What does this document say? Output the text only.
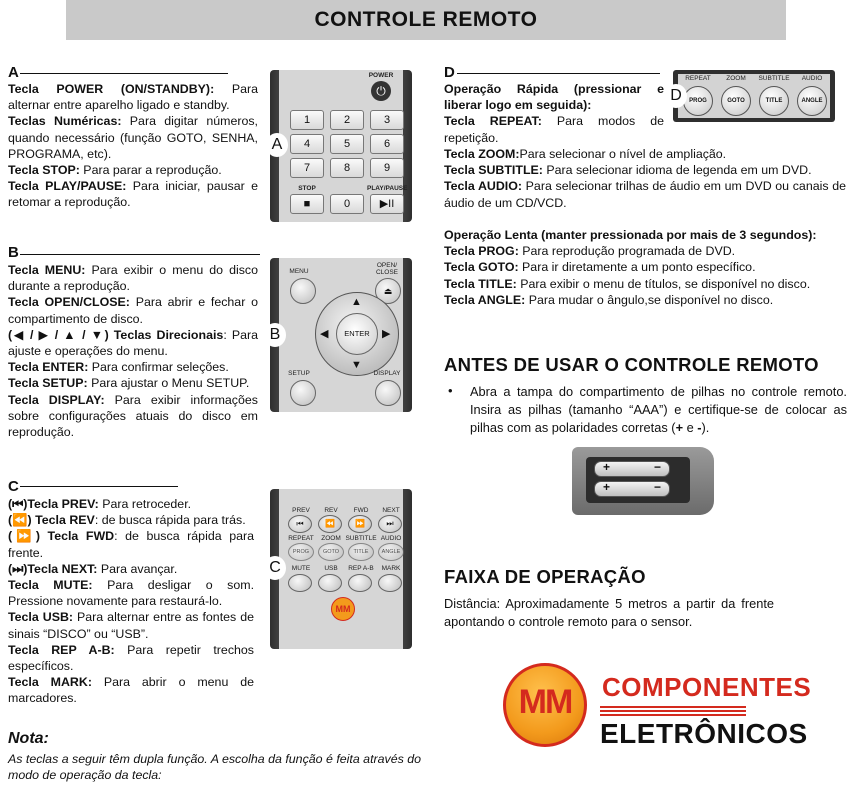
CONTROLE REMOTO
A

Tecla POWER (ON/STANDBY): Para alternar entre aparelho ligado e standby.

Teclas Numéricas: Para digitar números, quando necessário (função GOTO, SENHA, PROGRAMA, etc).

Tecla STOP: Para parar a reprodução.

Tecla PLAY/PAUSE: Para iniciar, pausar e retomar a reprodução.

POWER
⏻
1	2	3
4	5	6
7	8	9
STOP	PLAY/PAUSE
■	0	▶II
A
B

Tecla MENU: Para exibir o menu do disco durante a reprodução.

Tecla OPEN/CLOSE: Para abrir e fechar o compartimento de disco.

(◀ / ▶ / ▲ / ▼) Teclas Direcionais: Para ajuste e operações do menu.

Tecla ENTER: Para confirmar seleções.

Tecla SETUP: Para ajustar o Menu SETUP.

Tecla DISPLAY: Para exibir informações sobre configurações atuais do disco em reprodução.

MENU
OPEN/
CLOSE
⏏
▲
▼
◀	▶
ENTER
SETUP	DISPLAY
B
C

(⏮)Tecla PREV: Para retroceder.

(⏪) Tecla REV: de busca rápida para trás.

(⏩) Tecla FWD: de busca rápida para frente.

(⏭)Tecla NEXT: Para avançar.

Tecla MUTE: Para desligar o som. Pressione novamente para restaurá-lo.

Tecla USB: Para alternar entre as fontes de sinais “DISCO” ou “USB”.

Tecla REP A-B: Para repetir trechos específicos.

Tecla MARK: Para abrir o menu de marcadores.

PREV
⏮
REPEAT
PROG
MUTE
REV
⏪
ZOOM
GOTO
USB
FWD
⏩
SUBTITLE
TITLE
REP A-B
NEXT
⏭
AUDIO
ANGLE
MARK
MM
C
D

Operação Rápida (pressionar e liberar logo em seguida):

Tecla REPEAT: Para modos de repetição.

Tecla ZOOM:Para selecionar o nível de ampliação.

Tecla SUBTITLE: Para selecionar idioma de legenda em um DVD.

Tecla AUDIO: Para selecionar trilhas de áudio em um DVD ou canais de áudio de um CD/VCD.

Operação Lenta (manter pressionada por mais de 3 segundos):

Tecla PROG: Para reprodução programada de DVD.

Tecla GOTO: Para ir diretamente a um ponto específico.

Tecla TITLE: Para exibir o menu de títulos, se disponível no disco.

Tecla ANGLE: Para mudar o ângulo,se disponível no disco.

REPEAT
PROG
ZOOM
GOTO
SUBTITLE
TITLE
AUDIO
ANGLE
D
ANTES DE USAR O CONTROLE REMOTO
• Abra a tampa do compartimento de pilhas no controle remoto. Insira as pilhas (tamanho “AAA”) e certifique-se de colocar as pilhas com as polaridades corretas (+ e -).
+	−
+	−
FAIXA DE OPERAÇÃO
Distância: Aproximadamente 5 metros a partir da frente apontando o controle remoto para o sensor.
MM	COMPONENTES
ELETRÔNICOS
Nota:
As teclas a seguir têm dupla função. A escolha da função é feita através do modo de operação da tecla:
